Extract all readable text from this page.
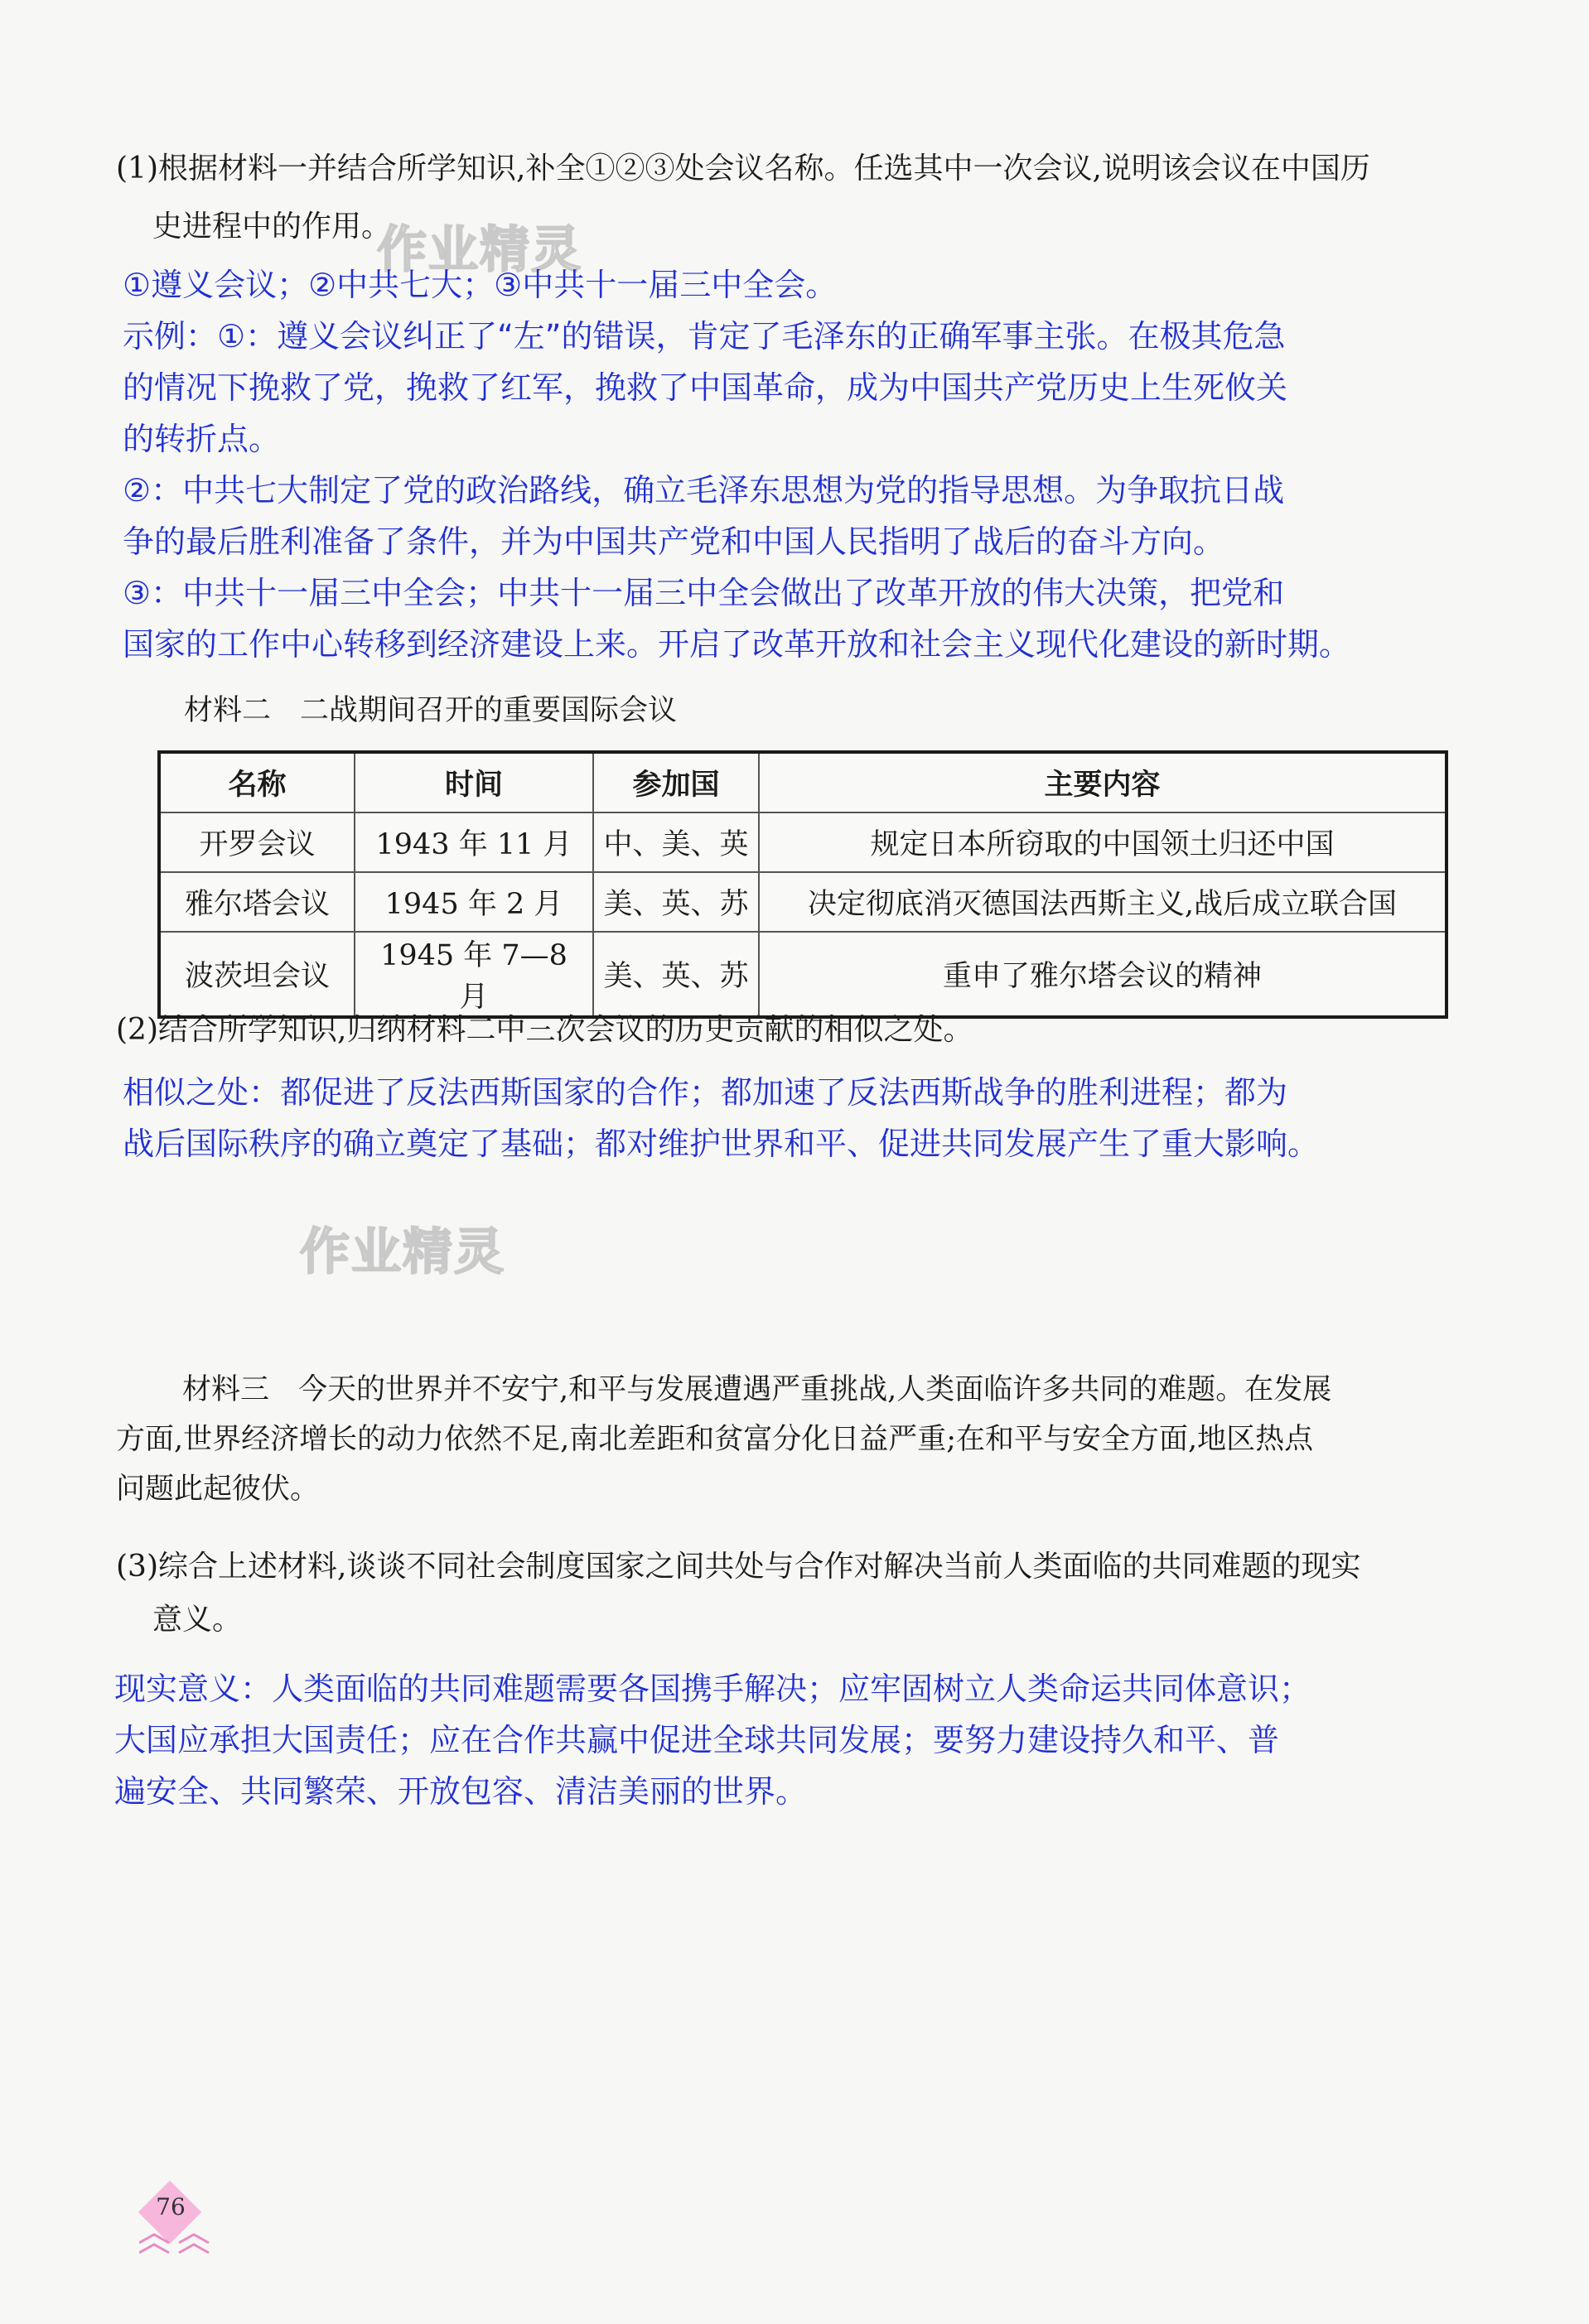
(1)根据材料一并结合所学知识,补全①②③处会议名称。任选其中一次会议,说明该会议在中国历
史进程中的作用。
作业精灵
①遵义会议；②中共七大；③中共十一届三中全会。
示例：①：遵义会议纠正了“左”的错误，肯定了毛泽东的正确军事主张。在极其危急
的情况下挽救了党，挽救了红军，挽救了中国革命，成为中国共产党历史上生死攸关
的转折点。
②：中共七大制定了党的政治路线，确立毛泽东思想为党的指导思想。为争取抗日战
争的最后胜利准备了条件，并为中国共产党和中国人民指明了战后的奋斗方向。
③：中共十一届三中全会；中共十一届三中全会做出了改革开放的伟大决策，把党和
国家的工作中心转移到经济建设上来。开启了改革开放和社会主义现代化建设的新时期。
材料二　二战期间召开的重要国际会议
名称	时间	参加国	主要内容
开罗会议	1943 年 11 月	中、美、英	规定日本所窃取的中国领土归还中国
雅尔塔会议	1945 年 2 月	美、英、苏	决定彻底消灭德国法西斯主义,战后成立联合国
波茨坦会议	1945 年 7—8 月	美、英、苏	重申了雅尔塔会议的精神
(2)结合所学知识,归纳材料二中三次会议的历史贡献的相似之处。
相似之处：都促进了反法西斯国家的合作；都加速了反法西斯战争的胜利进程；都为
战后国际秩序的确立奠定了基础；都对维护世界和平、促进共同发展产生了重大影响。
作业精灵
材料三　今天的世界并不安宁,和平与发展遭遇严重挑战,人类面临许多共同的难题。在发展
方面,世界经济增长的动力依然不足,南北差距和贫富分化日益严重;在和平与安全方面,地区热点
问题此起彼伏。
(3)综合上述材料,谈谈不同社会制度国家之间共处与合作对解决当前人类面临的共同难题的现实
意义。
现实意义：人类面临的共同难题需要各国携手解决；应牢固树立人类命运共同体意识；
大国应承担大国责任；应在合作共赢中促进全球共同发展；要努力建设持久和平、普
遍安全、共同繁荣、开放包容、清洁美丽的世界。
76
